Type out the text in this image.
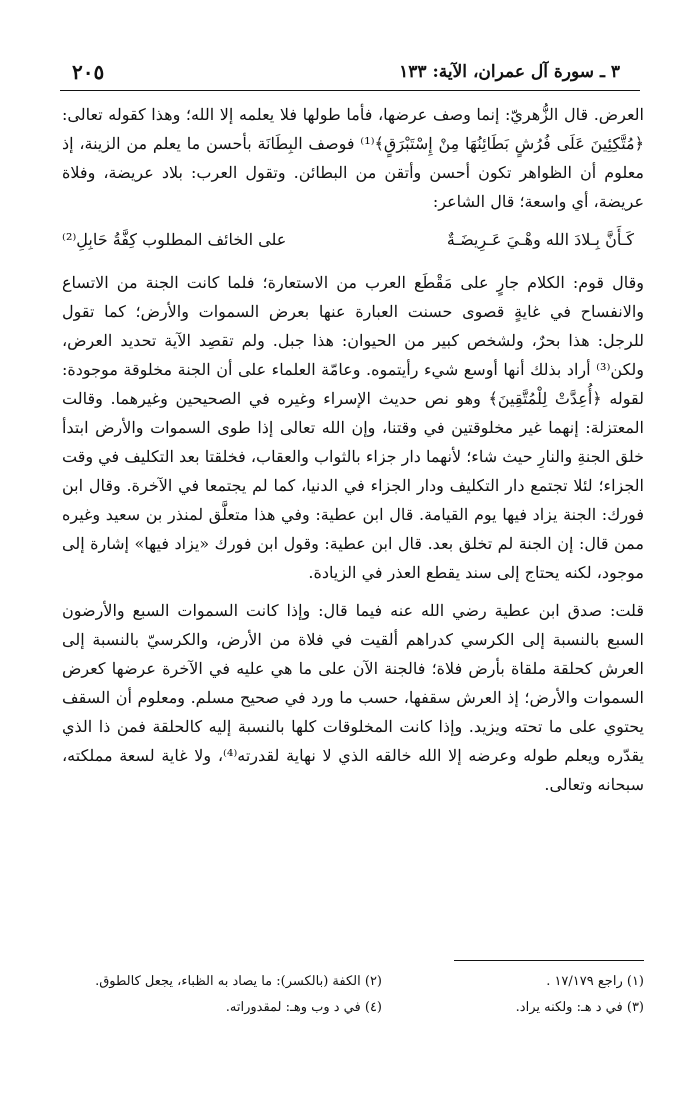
٢٠٥	٣ ـ سورة آل عمران، الآية: ١٣٣

العرض. قال الزُّهريّ: إنما وصف عرضها، فأما طولها فلا يعلمه إلا الله؛ وهذا كقوله تعالى: ﴿مُتَّكِئِينَ عَلَى فُرُشٍ بَطَائِنُهَا مِنْ إِسْتَبْرَقٍ﴾⁽¹⁾ فوصف البِطَانَة بأحسن ما يعلم من الزينة، إذ معلوم أن الظواهر تكون أحسن وأتقن من البطائن. وتقول العرب: بلاد عريضة، وفلاة عريضة، أي واسعة؛ قال الشاعر:

كَـأَنَّ بِـلادَ الله وهْـيَ عَـرِيضَـةٌ
على الخائف المطلوب كِفَّةُ حَابِلِ⁽²⁾

وقال قوم: الكلام جارٍ على مَقْطَع العرب من الاستعارة؛ فلما كانت الجنة من الاتساع والانفساح في غايةٍ قصوى حسنت العبارة عنها بعرض السموات والأرض؛ كما تقول للرجل: هذا بحرٌ، ولشخص كبير من الحيوان: هذا جبل. ولم تقصِد الآية تحديد العرض، ولكن⁽³⁾ أراد بذلك أنها أوسع شيء رأيتموه. وعامّة العلماء على أن الجنة مخلوقة موجودة: لقوله ﴿أُعِدَّتْ لِلْمُتَّقِينَ﴾ وهو نص حديث الإسراء وغيره في الصحيحين وغيرهما. وقالت المعتزلة: إنهما غير مخلوقتين في وقتنا، وإن الله تعالى إذا طوى السموات والأرض ابتدأ خلق الجنةِ والنارِ حيث شاء؛ لأنهما دار جزاء بالثواب والعقاب، فخلقتا بعد التكليف في وقت الجزاء؛ لئلا تجتمع دار التكليف ودار الجزاء في الدنيا، كما لم يجتمعا في الآخرة. وقال ابن فورك: الجنة يزاد فيها يوم القيامة. قال ابن عطية: وفي هذا متعلَّق لمنذر بن سعيد وغيره ممن قال: إن الجنة لم تخلق بعد. قال ابن عطية: وقول ابن فورك «يزاد فيها» إشارة إلى موجود، لكنه يحتاج إلى سند يقطع العذر في الزيادة.

قلت: صدق ابن عطية رضي الله عنه فيما قال: وإذا كانت السموات السبع والأرضون السبع بالنسبة إلى الكرسي كدراهم ألقيت في فلاة من الأرض، والكرسيّ بالنسبة إلى العرش كحلقة ملقاة بأرض فلاة؛ فالجنة الآن على ما هي عليه في الآخرة عرضها كعرض السموات والأرض؛ إذ العرش سقفها، حسب ما ورد في صحيح مسلم. ومعلوم أن السقف يحتوي على ما تحته ويزيد. وإذا كانت المخلوقات كلها بالنسبة إليه كالحلقة فمن ذا الذي يقدّره ويعلم طوله وعرضه إلا الله خالقه الذي لا نهاية لقدرته⁽⁴⁾، ولا غاية لسعة مملكته، سبحانه وتعالى.

(١) راجع ١٧/١٧٩ .
(٢) الكفة (بالكسر): ما يصاد به الظباء، يجعل كالطوق.
(٣) في د هـ: ولكنه يراد.
(٤) في د وب وهـ: لمقدوراته.
